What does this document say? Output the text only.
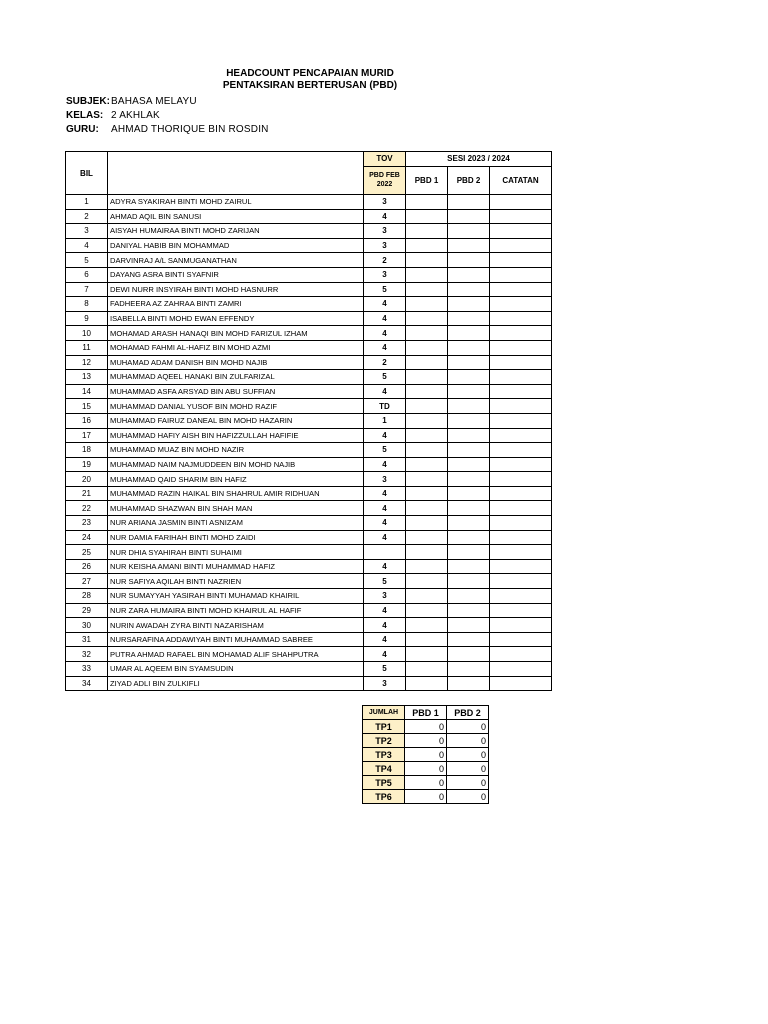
HEADCOUNT PENCAPAIAN MURID
PENTAKSIRAN BERTERUSAN (PBD)
SUBJEK:BAHASA MELAYU
KELAS: 2 AKHLAK
GURU: AHMAD THORIQUE BIN ROSDIN
BIL		TOV	SESI 2023 / 2024		

		PBD FEB
2022	PBD 1	PBD 2	CATATAN
1	ADYRA SYAKIRAH BINTI MOHD ZAIRUL	3			
2	AHMAD AQIL BIN SANUSI	4			
3	AISYAH HUMAIRAA BINTI MOHD ZARIJAN	3			
4	DANIYAL HABIB BIN MOHAMMAD	3			
5	DARVINRAJ A/L SANMUGANATHAN	2			
6	DAYANG ASRA BINTI SYAFNIR	3			
7	DEWI NURR INSYIRAH BINTI MOHD HASNURR	5			
8	FADHEERA AZ ZAHRAA BINTI ZAMRI	4			
9	ISABELLA BINTI MOHD EWAN EFFENDY	4			
10	MOHAMAD ARASH HANAQI BIN MOHD FARIZUL IZHAM	4			
11	MOHAMAD FAHMI AL-HAFIZ BIN MOHD AZMI	4			
12	MUHAMAD ADAM DANISH BIN MOHD NAJIB	2			
13	MUHAMMAD AQEEL HANAKI BIN ZULFARIZAL	5			
14	MUHAMMAD ASFA ARSYAD BIN ABU SUFFIAN	4			
15	MUHAMMAD DANIAL YUSOF BIN MOHD RAZIF	TD			
16	MUHAMMAD FAIRUZ DANEAL BIN MOHD HAZARIN	1			
17	MUHAMMAD HAFIY AISH BIN HAFIZZULLAH HAFIFIE	4			
18	MUHAMMAD MUAZ BIN MOHD NAZIR	5			
19	MUHAMMAD NAIM NAJMUDDEEN BIN MOHD NAJIB	4			
20	MUHAMMAD QAID SHARIM BIN HAFIZ	3			
21	MUHAMMAD RAZIN HAIKAL BIN SHAHRUL AMIR RIDHUAN	4			
22	MUHAMMAD SHAZWAN BIN SHAH MAN	4			
23	NUR ARIANA JASMIN BINTI ASNIZAM	4			
24	NUR DAMIA FARIHAH BINTI MOHD ZAIDI	4			
25	NUR DHIA SYAHIRAH BINTI SUHAIMI				
26	NUR KEISHA AMANI BINTI MUHAMMAD HAFIZ	4			
27	NUR SAFIYA AQILAH BINTI NAZRIEN	5			
28	NUR SUMAYYAH YASIRAH BINTI MUHAMAD KHAIRIL	3			
29	NUR ZARA HUMAIRA BINTI MOHD KHAIRUL AL HAFIF	4			
30	NURIN AWADAH ZYRA BINTI NAZARISHAM	4			
31	NURSARAFINA ADDAWIYAH BINTI MUHAMMAD SABREE	4			
32	PUTRA AHMAD RAFAEL BIN MOHAMAD ALIF SHAHPUTRA	4			
33	UMAR AL AQEEM BIN SYAMSUDIN	5			
34	ZIYAD ADLI BIN ZULKIFLI	3			
JUMLAH	PBD 1	PBD 2
TP1	0	0
TP2	0	0
TP3	0	0
TP4	0	0
TP5	0	0
TP6	0	0
